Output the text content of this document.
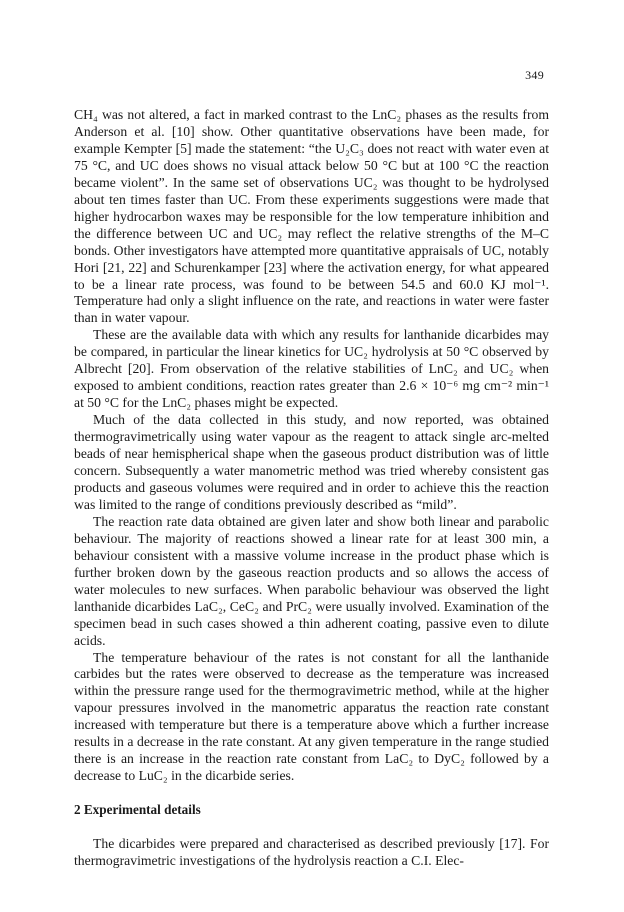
349

CH₄ was not altered, a fact in marked contrast to the LnC₂ phases as the results from Anderson et al. [10] show. Other quantitative observations have been made, for example Kempter [5] made the statement: “the U₂C₃ does not react with water even at 75 °C, and UC does shows no visual attack below 50 °C but at 100 °C the reaction became violent”. In the same set of observations UC₂ was thought to be hydrolysed about ten times faster than UC. From these experiments suggestions were made that higher hydrocarbon waxes may be responsible for the low temperature inhibition and the difference between UC and UC₂ may reflect the relative strengths of the M–C bonds. Other investigators have attempted more quantitative appraisals of UC, notably Hori [21, 22] and Schurenkamper [23] where the activation energy, for what appeared to be a linear rate process, was found to be between 54.5 and 60.0 KJ mol⁻¹. Temperature had only a slight influence on the rate, and reactions in water were faster than in water vapour.

These are the available data with which any results for lanthanide dicarbides may be compared, in particular the linear kinetics for UC₂ hydrolysis at 50 °C observed by Albrecht [20]. From observation of the relative stabilities of LnC₂ and UC₂ when exposed to ambient conditions, reaction rates greater than 2.6 × 10⁻⁶ mg cm⁻² min⁻¹ at 50 °C for the LnC₂ phases might be expected.

Much of the data collected in this study, and now reported, was obtained thermogravimetrically using water vapour as the reagent to attack single arc-melted beads of near hemispherical shape when the gaseous product distribution was of little concern. Subsequently a water manometric method was tried whereby consistent gas products and gaseous volumes were required and in order to achieve this the reaction was limited to the range of conditions previously described as “mild”.

The reaction rate data obtained are given later and show both linear and parabolic behaviour. The majority of reactions showed a linear rate for at least 300 min, a behaviour consistent with a massive volume increase in the product phase which is further broken down by the gaseous reaction products and so allows the access of water molecules to new surfaces. When parabolic behaviour was observed the light lanthanide dicarbides LaC₂, CeC₂ and PrC₂ were usually involved. Examination of the specimen bead in such cases showed a thin adherent coating, passive even to dilute acids.

The temperature behaviour of the rates is not constant for all the lanthanide carbides but the rates were observed to decrease as the temperature was increased within the pressure range used for the thermogravimetric method, while at the higher vapour pressures involved in the manometric apparatus the reaction rate constant increased with temperature but there is a temperature above which a further increase results in a decrease in the rate constant. At any given temperature in the range studied there is an increase in the reaction rate constant from LaC₂ to DyC₂ followed by a decrease to LuC₂ in the dicarbide series.

2 Experimental details

The dicarbides were prepared and characterised as described previously [17]. For thermogravimetric investigations of the hydrolysis reaction a C.I. Elec-
